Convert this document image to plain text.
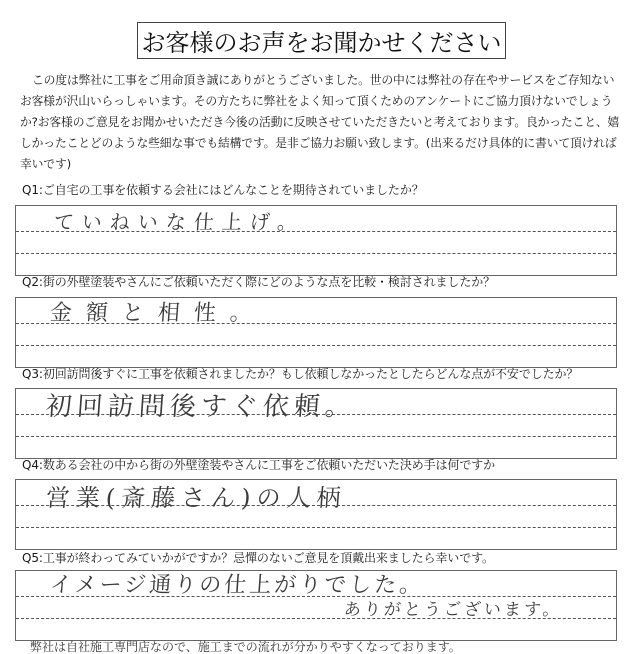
お客様のお声をお聞かせください
この度は弊社に工事をご用命頂き誠にありがとうございました。世の中には弊社の存在やサービスをご存知ないお客様が沢山いらっしゃいます。その方たちに弊社をよく知って頂くためのアンケートにご協力頂けないでしょうか?お客様のご意見をお聞かせいただき今後の活動に反映させていただきたいと考えております。良かったこと、嬉しかったことどのような些細な事でも結構です。是非ご協力お願い致します。(出来るだけ具体的に書いて頂ければ幸いです)
Q1:ご自宅の工事を依頼する会社にはどんなことを期待されていましたか？
ていねいな仕上げ。
Q2:街の外壁塗装やさんにご依頼いただく際にどのような点を比較・検討されましたか？
金額と相性。
Q3:初回訪問後すぐに工事を依頼されましたか？もし依頼しなかったとしたらどんな点が不安でしたか？
初回訪問後すぐ依頼。
Q4:数ある会社の中から街の外壁塗装やさんに工事をご依頼いただいた決め手は何ですか
営業(斎藤さん)の人柄
Q5:工事が終わってみていかがですか？忌憚のないご意見を頂戴出来ましたら幸いです。
イメージ通りの仕上がりでした。
ありがとうございます。
弊社は自社施工専門店なので、施工までの流れが分かりやすくなっております。
